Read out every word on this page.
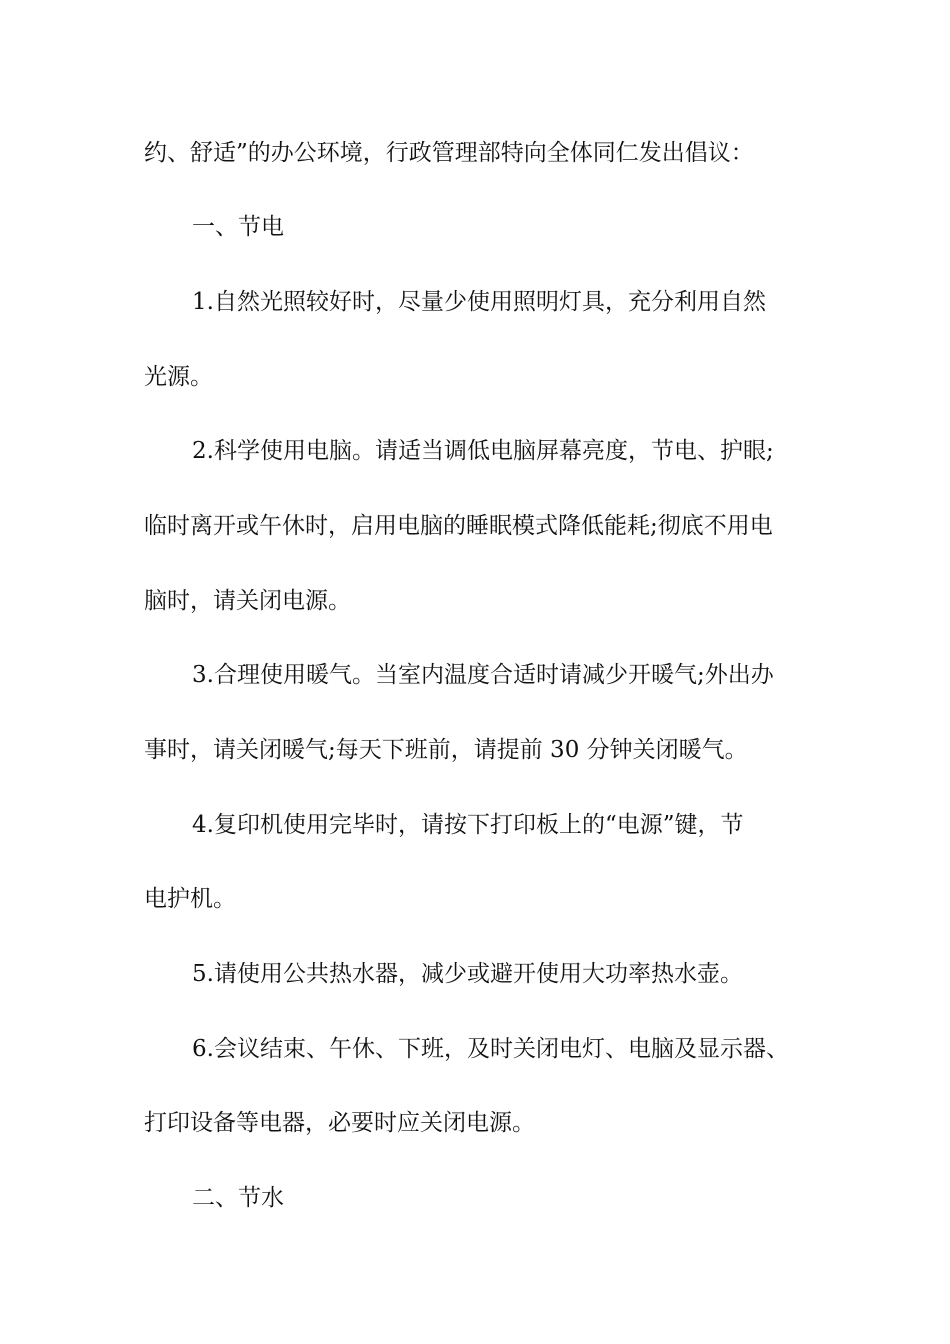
约、舒适”的办公环境，行政管理部特向全体同仁发出倡议：
一、节电
1.自然光照较好时，尽量少使用照明灯具，充分利用自然
光源。
2.科学使用电脑。请适当调低电脑屏幕亮度，节电、护眼;
临时离开或午休时，启用电脑的睡眠模式降低能耗;彻底不用电
脑时，请关闭电源。
3.合理使用暖气。当室内温度合适时请减少开暖气;外出办
事时，请关闭暖气;每天下班前，请提前 30 分钟关闭暖气。
4.复印机使用完毕时，请按下打印板上的“电源”键，节
电护机。
5.请使用公共热水器，减少或避开使用大功率热水壶。
6.会议结束、午休、下班，及时关闭电灯、电脑及显示器、
打印设备等电器，必要时应关闭电源。
二、节水
